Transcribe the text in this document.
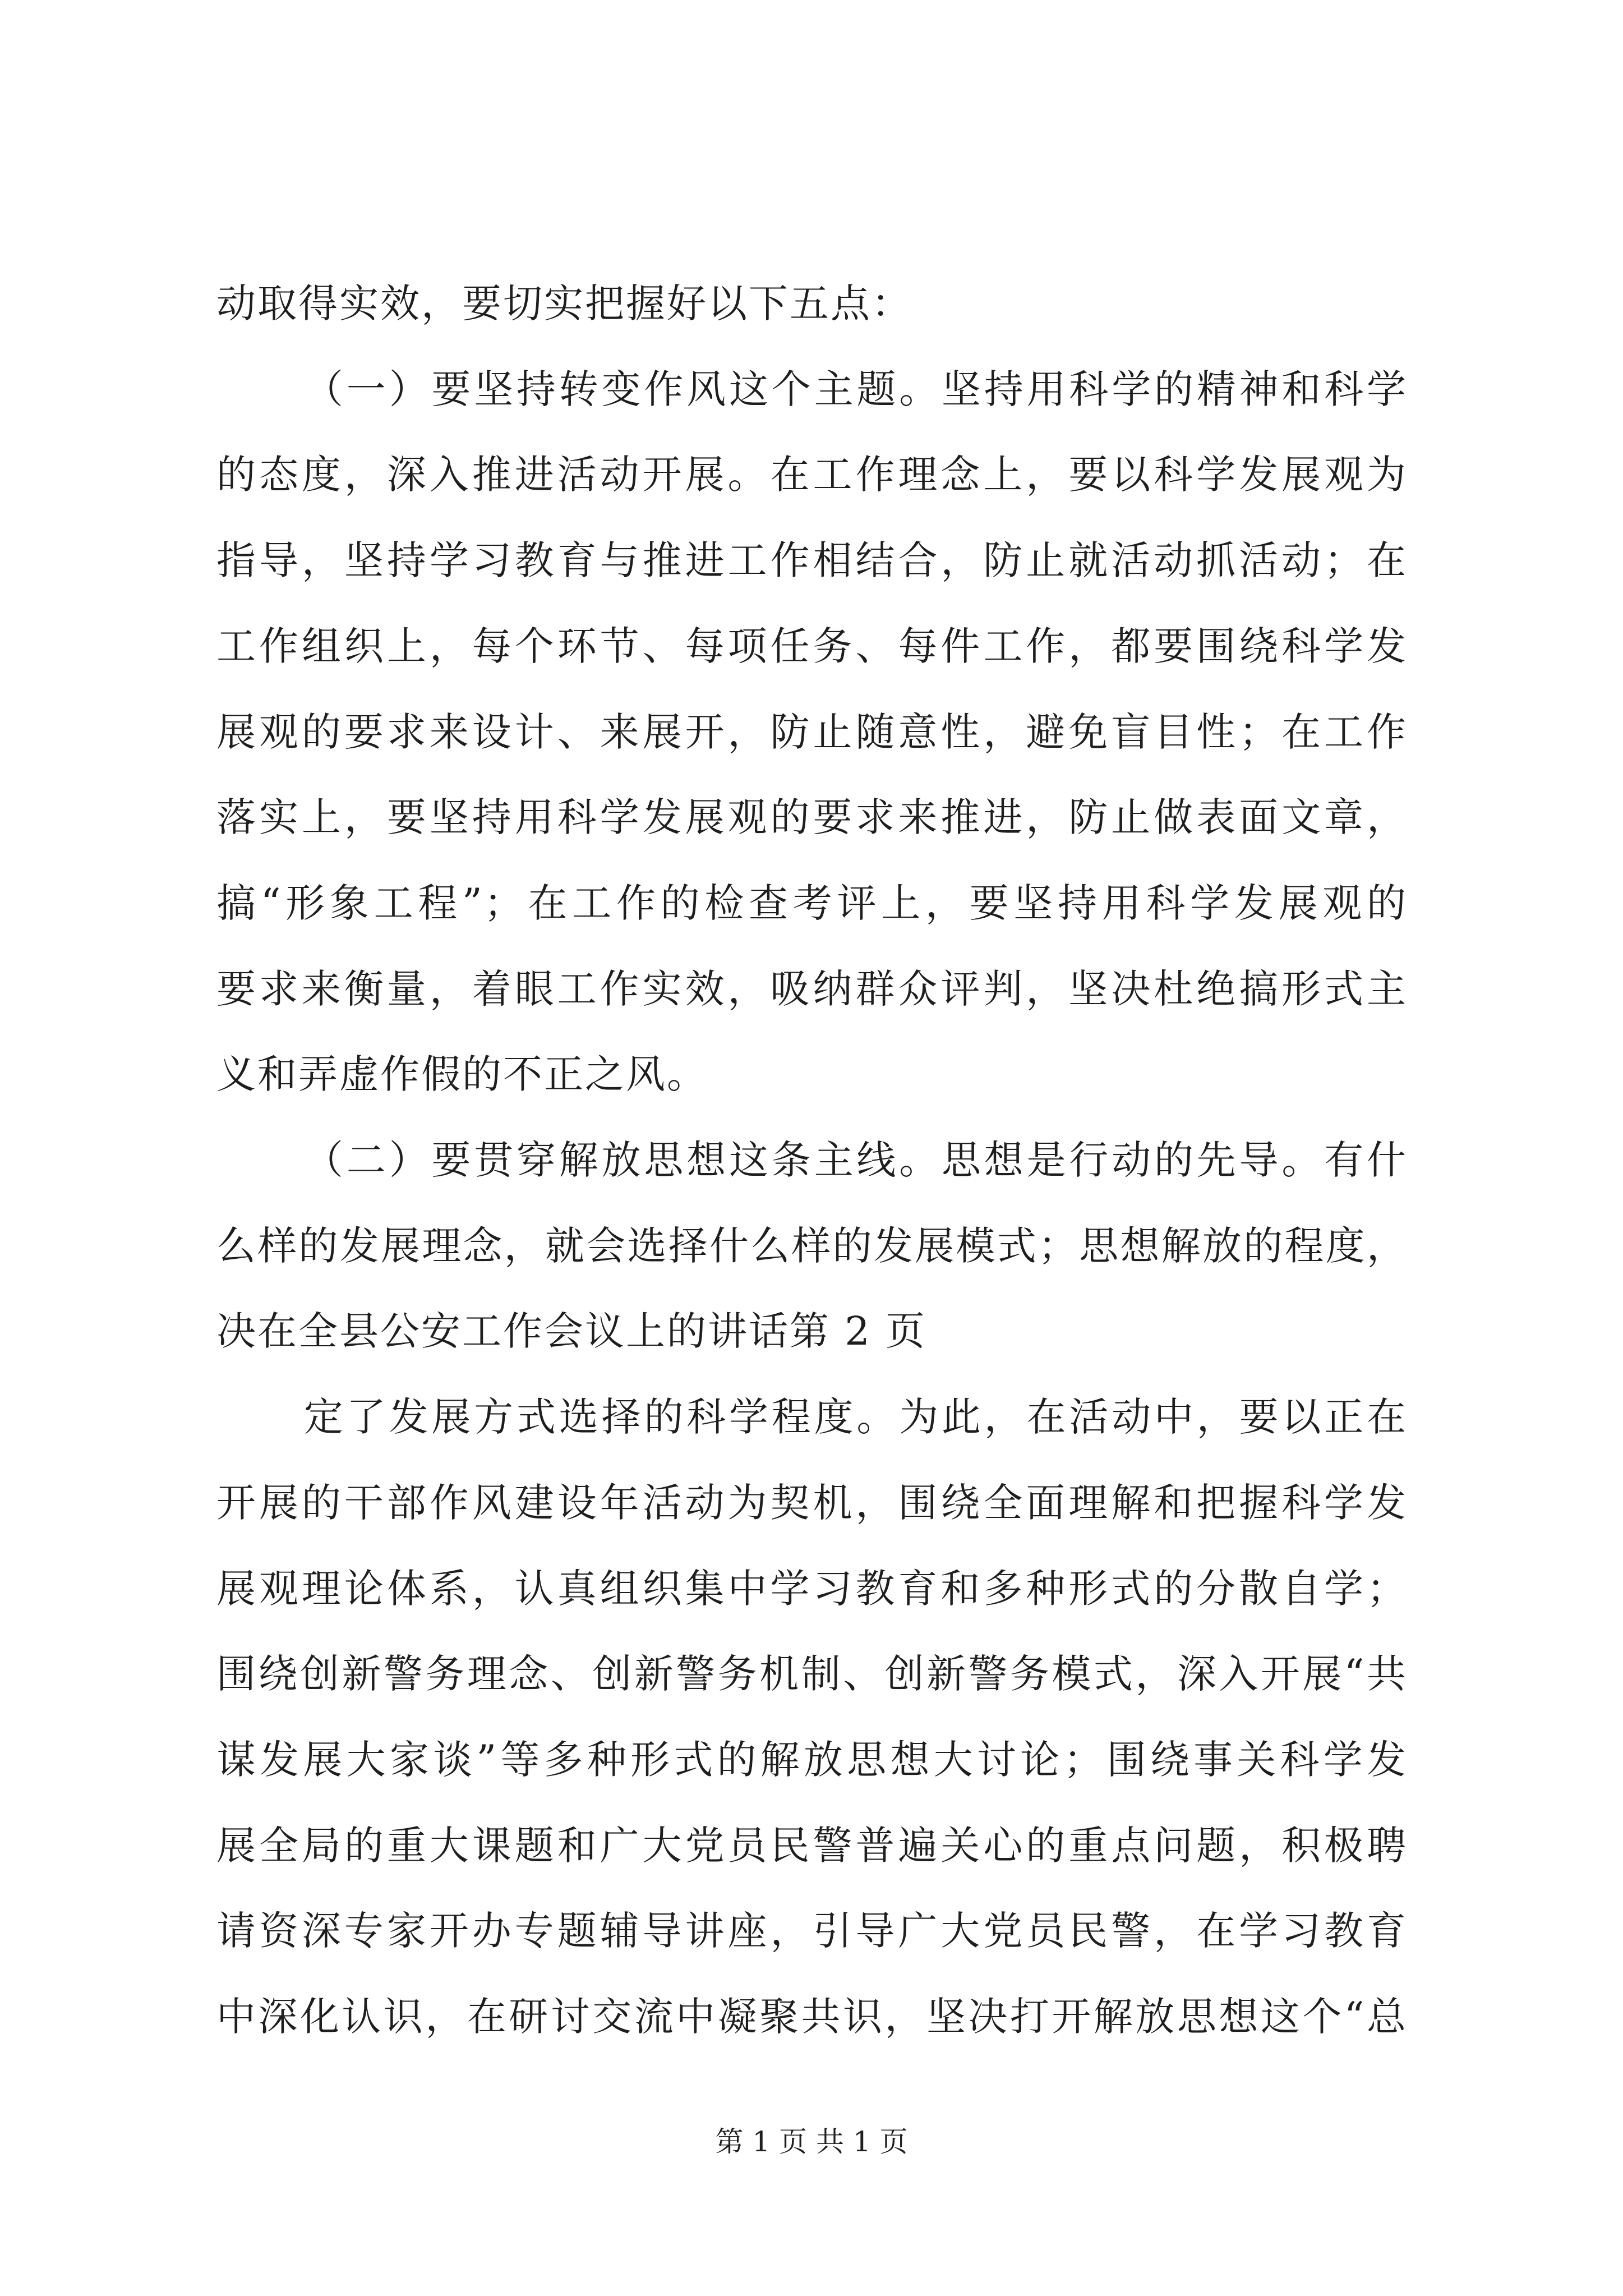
动取得实效，要切实把握好以下五点：
（一）要坚持转变作风这个主题。坚持用科学的精神和科学
的态度，深入推进活动开展。在工作理念上，要以科学发展观为
指导，坚持学习教育与推进工作相结合，防止就活动抓活动；在
工作组织上，每个环节、每项任务、每件工作，都要围绕科学发
展观的要求来设计、来展开，防止随意性，避免盲目性；在工作
落实上，要坚持用科学发展观的要求来推进，防止做表面文章，
搞“形象工程”；在工作的检查考评上，要坚持用科学发展观的
要求来衡量，着眼工作实效，吸纳群众评判，坚决杜绝搞形式主
义和弄虚作假的不正之风。
（二）要贯穿解放思想这条主线。思想是行动的先导。有什
么样的发展理念，就会选择什么样的发展模式；思想解放的程度，
决在全县公安工作会议上的讲话第 2 页
定了发展方式选择的科学程度。为此，在活动中，要以正在
开展的干部作风建设年活动为契机，围绕全面理解和把握科学发
展观理论体系，认真组织集中学习教育和多种形式的分散自学；
围绕创新警务理念、创新警务机制、创新警务模式，深入开展“共
谋发展大家谈”等多种形式的解放思想大讨论；围绕事关科学发
展全局的重大课题和广大党员民警普遍关心的重点问题，积极聘
请资深专家开办专题辅导讲座，引导广大党员民警，在学习教育
中深化认识，在研讨交流中凝聚共识，坚决打开解放思想这个“总
第 1 页 共 1 页
